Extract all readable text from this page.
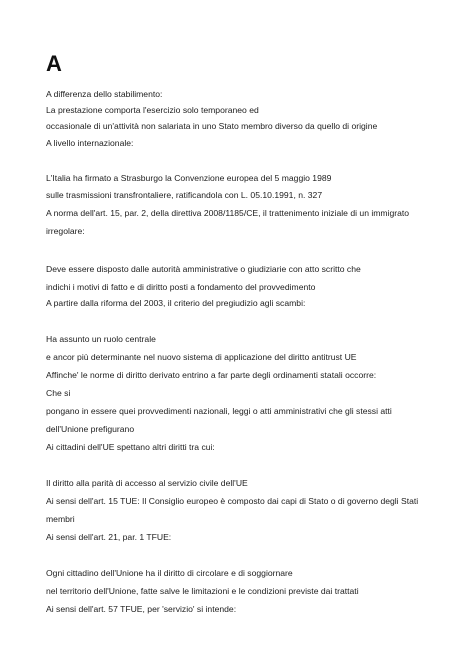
A
A differenza dello stabilimento:
La prestazione comporta l'esercizio solo temporaneo ed
occasionale di un'attività non salariata in uno Stato membro diverso da quello di origine
A livello internazionale:
L'Italia ha firmato a Strasburgo la Convenzione europea del 5 maggio 1989
sulle trasmissioni transfrontaliere, ratificandola con L. 05.10.1991, n. 327
A norma dell'art. 15, par. 2, della direttiva 2008/1185/CE, il trattenimento iniziale di un immigrato
irregolare:
Deve essere disposto dalle autorità amministrative o giudiziarie con atto scritto che
indichi i motivi di fatto e di diritto posti a fondamento del provvedimento
A partire dalla riforma del 2003, il criterio del pregiudizio agli scambi:
Ha assunto un ruolo centrale
e ancor più determinante nel nuovo sistema di applicazione del diritto antitrust UE
Affinche' le norme di diritto derivato entrino a far parte degli ordinamenti statali occorre:
Che si
pongano in essere quei provvedimenti nazionali, leggi o atti amministrativi che gli stessi atti
dell'Unione prefigurano
Ai cittadini dell'UE spettano altri diritti tra cui:
Il diritto alla parità di accesso al servizio civile dell'UE
Ai sensi dell'art. 15 TUE: Il Consiglio europeo è composto dai capi di Stato o di governo degli Stati
membri
Ai sensi dell'art. 21, par. 1 TFUE:
Ogni cittadino dell'Unione ha il diritto di circolare e di soggiornare
nel territorio dell'Unione, fatte salve le limitazioni e le condizioni previste dai trattati
Ai sensi dell'art. 57 TFUE, per 'servizio' si intende:
